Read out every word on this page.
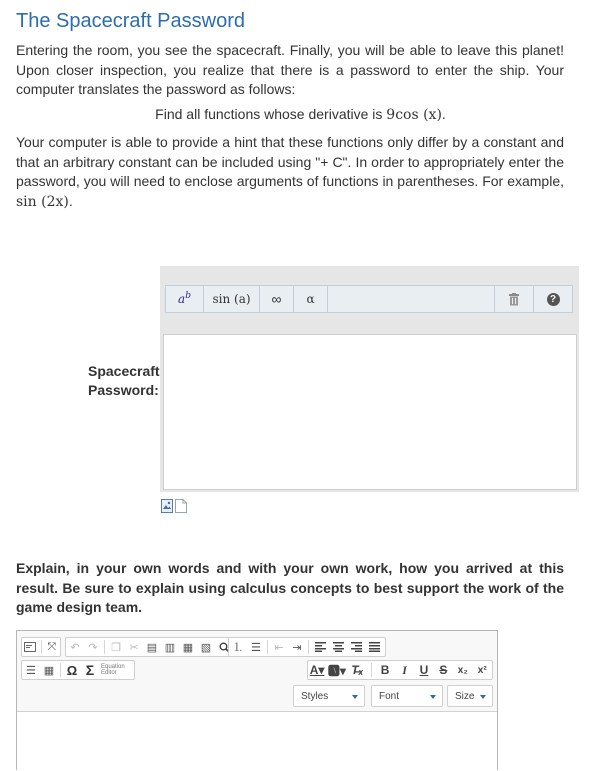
The Spacecraft Password

Entering the room, you see the spacecraft. Finally, you will be able to leave this planet! Upon closer inspection, you realize that there is a password to enter the ship. Your computer translates the password as follows:

Find all functions whose derivative is 9cos (x).

Your computer is able to provide a hint that these functions only differ by a constant and that an arbitrary constant can be included using "+ C". In order to appropriately enter the password, you will need to enclose arguments of functions in parentheses. For example, sin (2x).

Spacecraft Password:
$a^b$	sin (a)	∞	α	?

Explain, in your own words and with your own work, how you arrived at this result. Be sure to explain using calculus concepts to best support the work of the game design team.

⤧	↶ ↷	❐ ✂ ▤ ▥ ▦ ▧ ⒈ ☰	⇤ ⇥
☰ ▦ Ω Σ	Equation
Editor	A▾ 🅰▾ T̶ₓ	B	I	U S	x₂ x²
Styles	Font	Size
